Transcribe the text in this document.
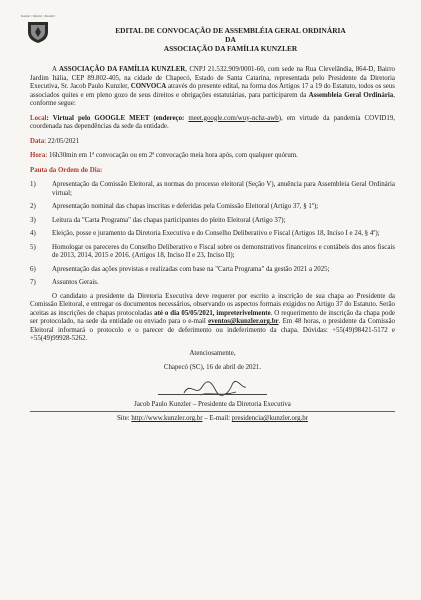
Kunzler | Künzler | Kuntzler
EDITAL DE CONVOCAÇÃO DE ASSEMBLÉIA GERAL ORDINÁRIA
DA
ASSOCIAÇÃO DA FAMÍLIA KUNZLER

A ASSOCIAÇÃO DA FAMÍLIA KUNZLER, CNPJ 21.532.909/0001-60, com sede na Rua Clevelândia, 864-D, Bairro Jardim Itália, CEP 89.802-405, na cidade de Chapecó, Estado de Santa Catarina, representada pelo Presidente da Diretoria Executiva, Sr. Jacob Paulo Kunzler, CONVOCA através do presente edital, na forma dos Artigos 17 a 19 do Estatuto, todos os seus associados quites e em pleno gozo de seus direitos e obrigações estatutárias, para participarem da Assembleia Geral Ordinária, conforme segue:

Local: Virtual pelo GOOGLE MEET (endereço: meet.google.com/wuy-nchz-awb), em virtude da pandemia COVID19, coordenada nas dependências da sede da entidade.

Data: 22/05/2021

Hora: 16h30min em 1ª convocação ou em 2ª convocação meia hora após, com qualquer quórum.

Pauta da Ordem do Dia:

1)	Apresentação da Comissão Eleitoral, as normas do processo eleitoral (Seção V), anuência para Assembleia Geral Ordinária virtual;
2)	Apresentação nominal das chapas inscritas e deferidas pela Comissão Eleitoral (Artigo 37, § 1º);
3)	Leitura da "Carta Programa" das chapas participantes do pleito Eleitoral (Artigo 37);
4)	Eleição, posse e juramento da Diretoria Executiva e do Conselho Deliberativo e Fiscal (Artigos 18, Inciso I e 24, § 4º);
5)	Homologar os pareceres do Conselho Deliberativo e Fiscal sobre os demonstrativos financeiros e contábeis dos anos fiscais de 2013, 2014, 2015 e 2016. (Artigos 18, Inciso II e 23, Inciso II);
6)	Apresentação das ações previstas e realizadas com base na "Carta Programa" da gestão 2021 a 2025;
7)	Assuntos Gerais.

O candidato a presidente da Diretoria Executiva deve requerer por escrito a inscrição de sua chapa ao Presidente da Comissão Eleitoral, e entregar os documentos necessários, observando os aspectos formais exigidos no Artigo 37 do Estatuto. Serão aceitas as inscrições de chapas protocoladas até o dia 05/05/2021, impreterivelmente. O requerimento de inscrição da chapa pode ser protocolado, na sede da entidade ou enviado para o e-mail eventos@kunzler.org.br. Em 48 horas, o presidente da Comissão Eleitoral informará o protocolo e o parecer de deferimento ou indeferimento da chapa. Dúvidas: +55(49)98421-5172 e +55(49)99928-5262.

Atenciosamente,

Chapecó (SC), 16 de abril de 2021.

Jacob Paulo Kunzler – Presidente da Diretoria Executiva

Site: http://www.kunzler.org.br – E-mail: presidencia@kunzler.org.br
